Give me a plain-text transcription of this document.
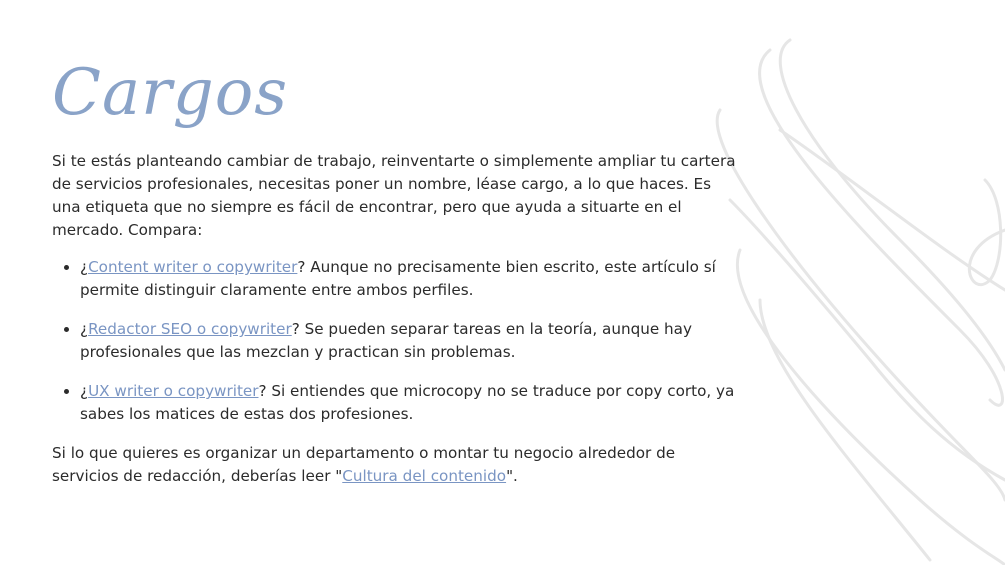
Cargos

Si te estás planteando cambiar de trabajo, reinventarte o simplemente ampliar tu cartera de servicios profesionales, necesitas poner un nombre, léase cargo, a lo que haces. Es una etiqueta que no siempre es fácil de encontrar, pero que ayuda a situarte en el mercado. Compara:

• ¿Content writer o copywriter? Aunque no precisamente bien escrito, este artículo sí permite distinguir claramente entre ambos perfiles.
• ¿Redactor SEO o copywriter? Se pueden separar tareas en la teoría, aunque hay profesionales que las mezclan y practican sin problemas.
• ¿UX writer o copywriter? Si entiendes que microcopy no se traduce por copy corto, ya sabes los matices de estas dos profesiones.

Si lo que quieres es organizar un departamento o montar tu negocio alrededor de servicios de redacción, deberías leer "Cultura del contenido".
